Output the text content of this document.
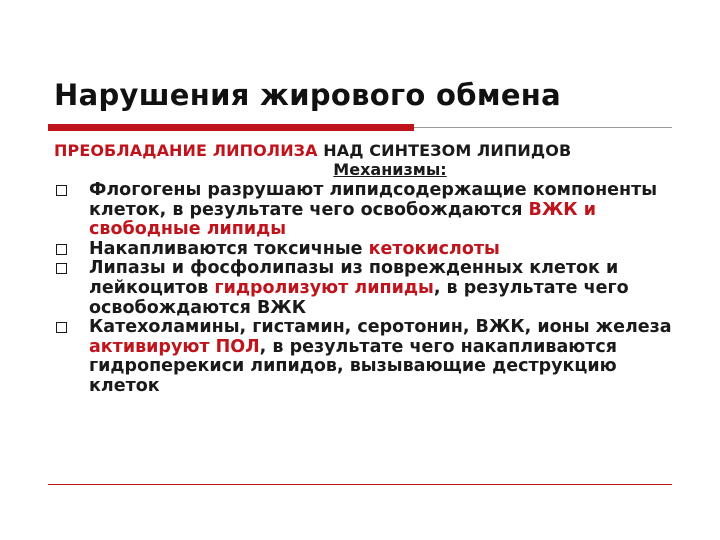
Нарушения жирового обмена
ПРЕОБЛАДАНИЕ ЛИПОЛИЗА НАД СИНТЕЗОМ ЛИПИДОВ
Механизмы:
Флогогены разрушают липидсодержащие компоненты клеток, в результате чего освобождаются ВЖК и свободные липиды
Накапливаются токсичные кетокислоты
Липазы и фосфолипазы из поврежденных клеток и лейкоцитов гидролизуют липиды, в результате чего освобождаются ВЖК
Катехоламины, гистамин, серотонин, ВЖК, ионы железа активируют ПОЛ, в результате чего накапливаются гидроперекиси липидов, вызывающие деструкцию клеток
